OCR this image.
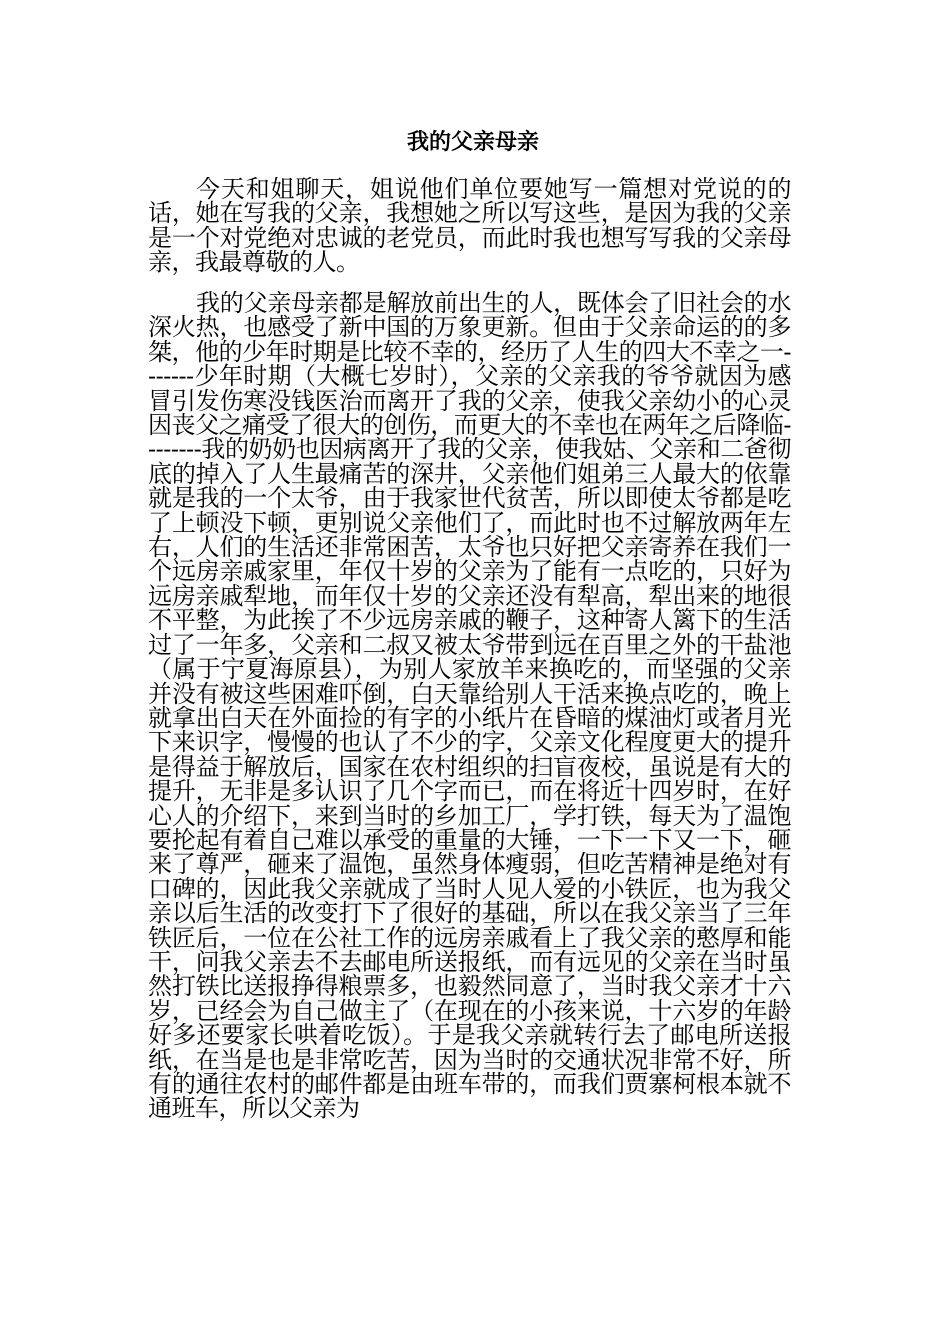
我的父亲母亲

今天和姐聊天，姐说他们单位要她写一篇想对党说的的话，她在写我的父亲，我想她之所以写这些，是因为我的父亲是一个对党绝对忠诚的老党员，而此时我也想写写我的父亲母亲，我最尊敬的人。

我的父亲母亲都是解放前出生的人，既体会了旧社会的水深火热，也感受了新中国的万象更新。但由于父亲命运的的多桀，他的少年时期是比较不幸的，经历了人生的四大不幸之一-------少年时期（大概七岁时），父亲的父亲我的爷爷就因为感冒引发伤寒没钱医治而离开了我的父亲，使我父亲幼小的心灵因丧父之痛受了很大的创伤，而更大的不幸也在两年之后降临--------我的奶奶也因病离开了我的父亲，使我姑、父亲和二爸彻底的掉入了人生最痛苦的深井，父亲他们姐弟三人最大的依靠就是我的一个太爷，由于我家世代贫苦，所以即使太爷都是吃了上顿没下顿，更别说父亲他们了，而此时也不过解放两年左右，人们的生活还非常困苦，太爷也只好把父亲寄养在我们一个远房亲戚家里，年仅十岁的父亲为了能有一点吃的，只好为远房亲戚犁地，而年仅十岁的父亲还没有犁高，犁出来的地很不平整，为此挨了不少远房亲戚的鞭子，这种寄人篱下的生活过了一年多，父亲和二叔又被太爷带到远在百里之外的干盐池（属于宁夏海原县），为别人家放羊来换吃的，而坚强的父亲并没有被这些困难吓倒，白天靠给别人干活来换点吃的，晚上就拿出白天在外面捡的有字的小纸片在昏暗的煤油灯或者月光下来识字，慢慢的也认了不少的字，父亲文化程度更大的提升是得益于解放后，国家在农村组织的扫盲夜校，虽说是有大的提升，无非是多认识了几个字而已，而在将近十四岁时，在好心人的介绍下，来到当时的乡加工厂，学打铁，每天为了温饱要抡起有着自己难以承受的重量的大锤，一下一下又一下，砸来了尊严，砸来了温饱，虽然身体瘦弱，但吃苦精神是绝对有口碑的，因此我父亲就成了当时人见人爱的小铁匠，也为我父亲以后生活的改变打下了很好的基础，所以在我父亲当了三年铁匠后，一位在公社工作的远房亲戚看上了我父亲的憨厚和能干，问我父亲去不去邮电所送报纸，而有远见的父亲在当时虽然打铁比送报挣得粮票多，也毅然同意了，当时我父亲才十六岁，已经会为自己做主了（在现在的小孩来说，十六岁的年龄好多还要家长哄着吃饭）。于是我父亲就转行去了邮电所送报纸，在当是也是非常吃苦，因为当时的交通状况非常不好，所有的通往农村的邮件都是由班车带的，而我们贾寨柯根本就不通班车，所以父亲为
